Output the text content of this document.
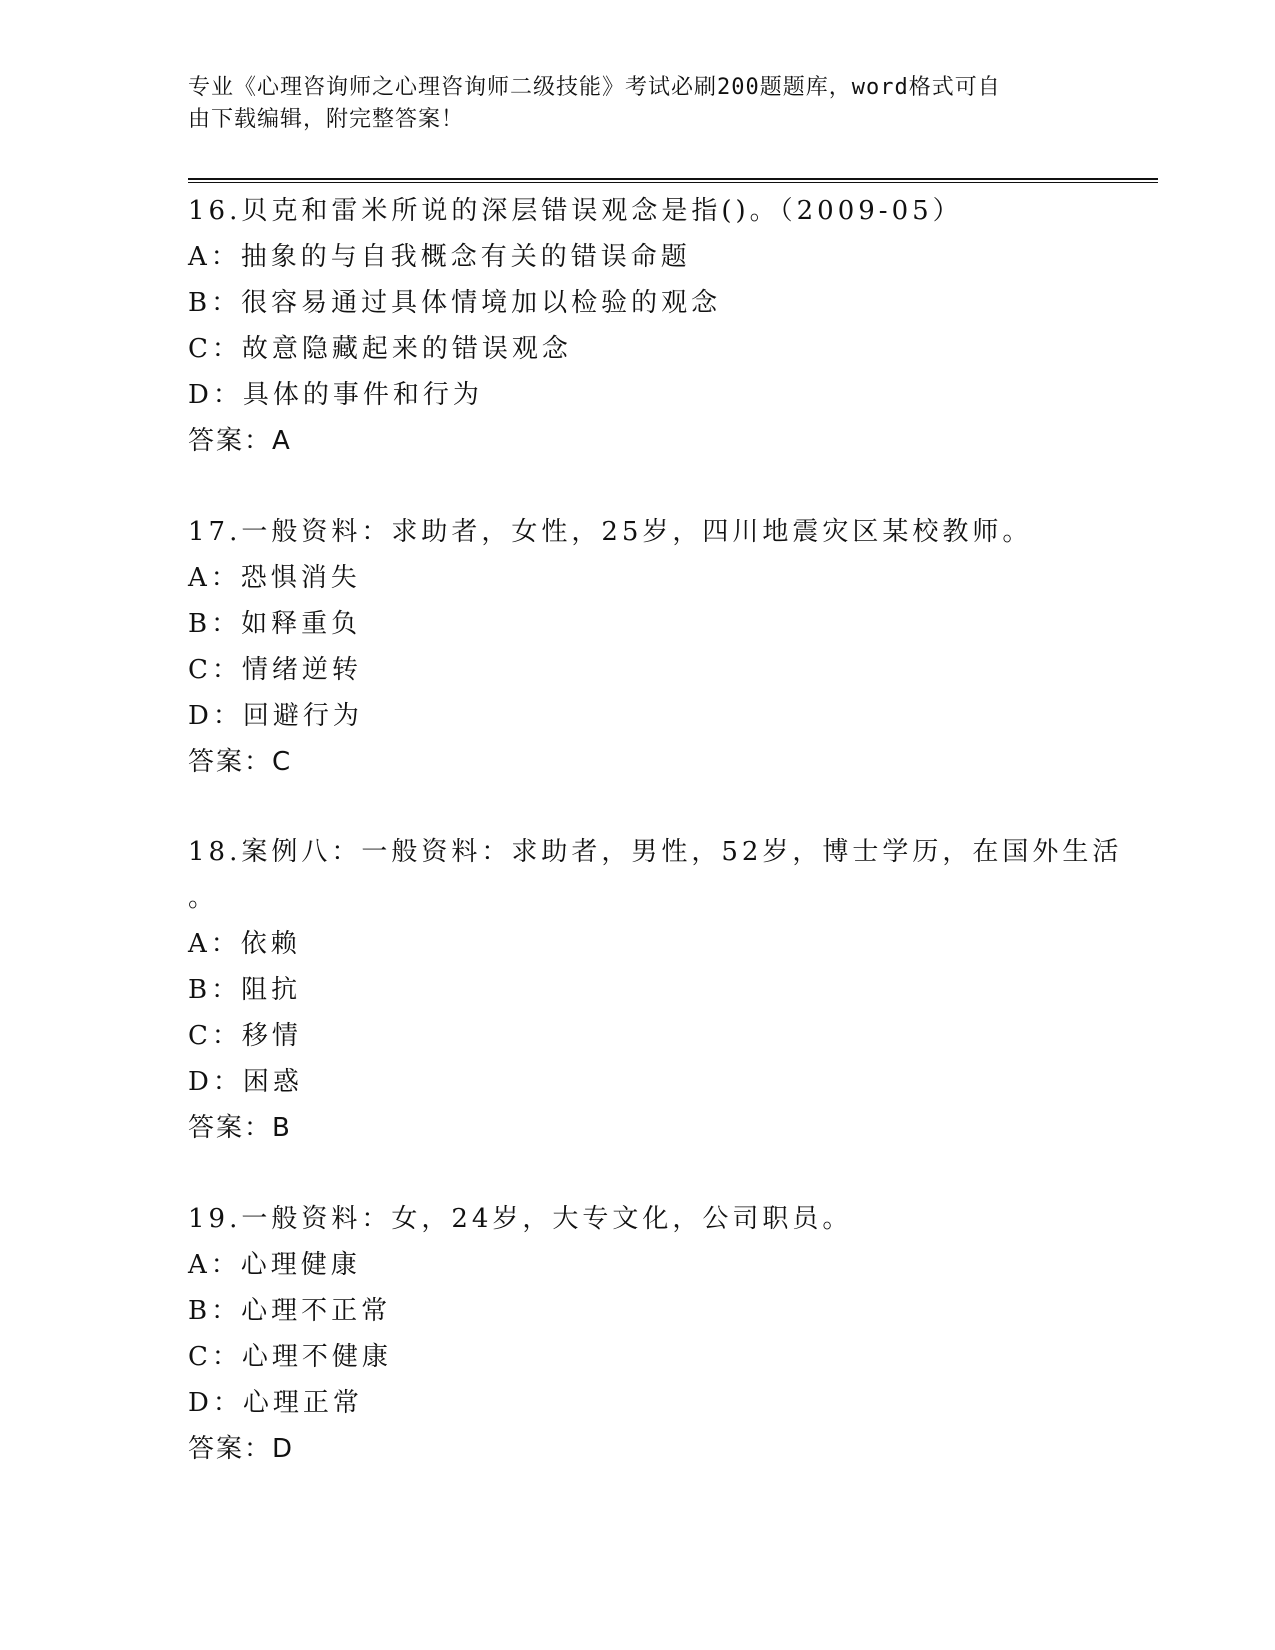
专业《心理咨询师之心理咨询师二级技能》考试必刷200题题库，word格式可自
由下载编辑，附完整答案！
16.贝克和雷米所说的深层错误观念是指()。（2009-05）
A：抽象的与自我概念有关的错误命题
B：很容易通过具体情境加以检验的观念
C：故意隐藏起来的错误观念
D：具体的事件和行为
答案：A
17.一般资料：求助者，女性，25岁，四川地震灾区某校教师。
A：恐惧消失
B：如释重负
C：情绪逆转
D：回避行为
答案：C
18.案例八：一般资料：求助者，男性，52岁，博士学历，在国外生活
。
A：依赖
B：阻抗
C：移情
D：困惑
答案：B
19.一般资料：女，24岁，大专文化，公司职员。
A：心理健康
B：心理不正常
C：心理不健康
D：心理正常
答案：D
